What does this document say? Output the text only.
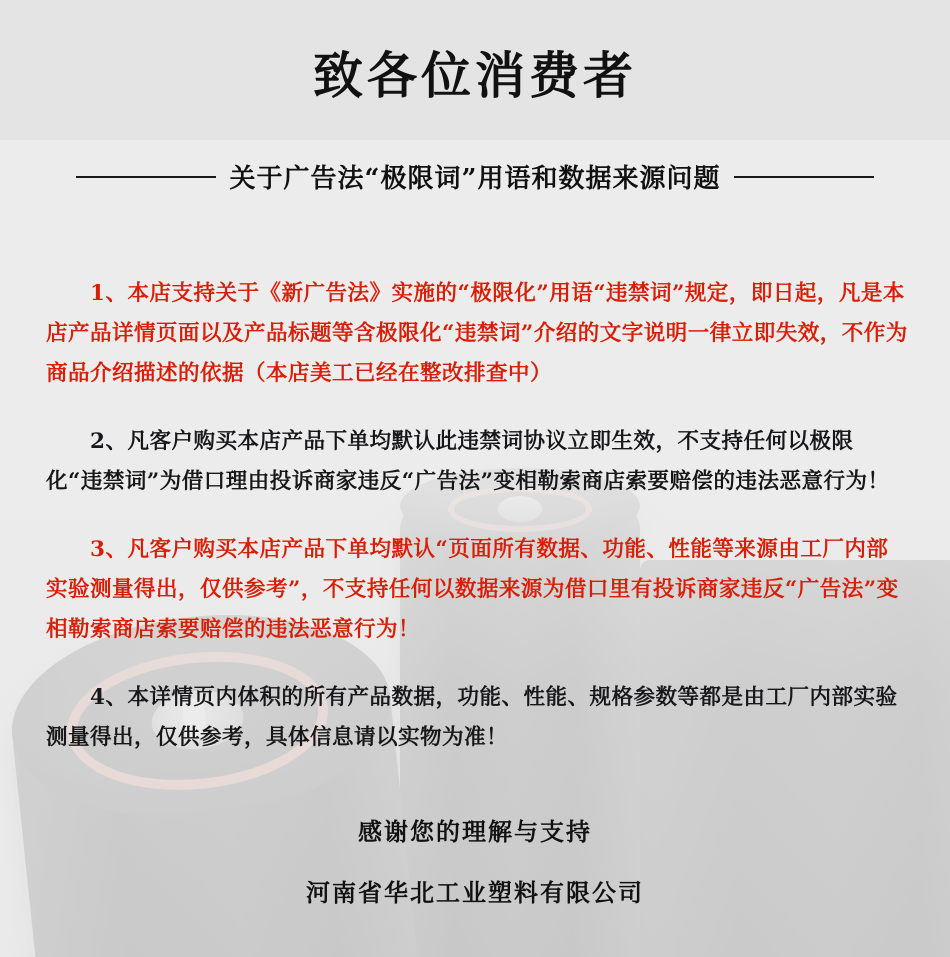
致各位消费者
关于广告法“极限词”用语和数据来源问题

1、本店支持关于《新广告法》实施的“极限化”用语“违禁词”规定，即日起，凡是本店产品详情页面以及产品标题等含极限化“违禁词”介绍的文字说明一律立即失效，不作为商品介绍描述的依据（本店美工已经在整改排查中）

2、凡客户购买本店产品下单均默认此违禁词协议立即生效，不支持任何以极限化“违禁词”为借口理由投诉商家违反“广告法”变相勒索商店索要赔偿的违法恶意行为！

3、凡客户购买本店产品下单均默认“页面所有数据、功能、性能等来源由工厂内部实验测量得出，仅供参考”，不支持任何以数据来源为借口里有投诉商家违反“广告法”变相勒索商店索要赔偿的违法恶意行为！

4、本详情页内体积的所有产品数据，功能、性能、规格参数等都是由工厂内部实验测量得出，仅供参考，具体信息请以实物为准！

感谢您的理解与支持
河南省华北工业塑料有限公司
